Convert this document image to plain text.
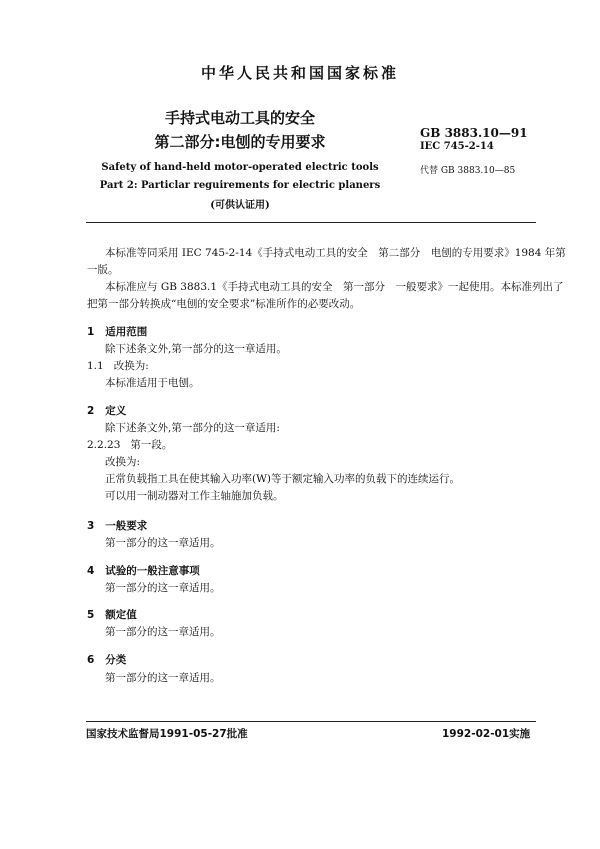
中华人民共和国国家标准
手持式电动工具的安全
第二部分:电刨的专用要求	GB 3883.10—91
IEC 745-2-14
代替 GB 3883.10—85
Safety of hand-held motor-operated electric tools
Part 2: Particlar reguirements for electric planers
(可供认证用)
本标准等同采用 IEC 745-2-14《手持式电动工具的安全　第二部分　电刨的专用要求》1984 年第
一版。
本标准应与 GB 3883.1《手持式电动工具的安全　第一部分　一般要求》一起使用。本标准列出了
把第一部分转换成“电刨的安全要求”标准所作的必要改动。
1 适用范围
除下述条文外,第一部分的这一章适用。
1.1 改换为:
本标准适用于电刨。
2 定义
除下述条文外,第一部分的这一章适用:
2.2.23 第一段。
改换为:
正常负载指工具在使其输入功率(W)等于额定输入功率的负载下的连续运行。
可以用一制动器对工作主轴施加负载。
3 一般要求
第一部分的这一章适用。
4 试验的一般注意事项
第一部分的这一章适用。
5 额定值
第一部分的这一章适用。
6 分类
第一部分的这一章适用。
国家技术监督局1991-05-27批准	1992-02-01实施
